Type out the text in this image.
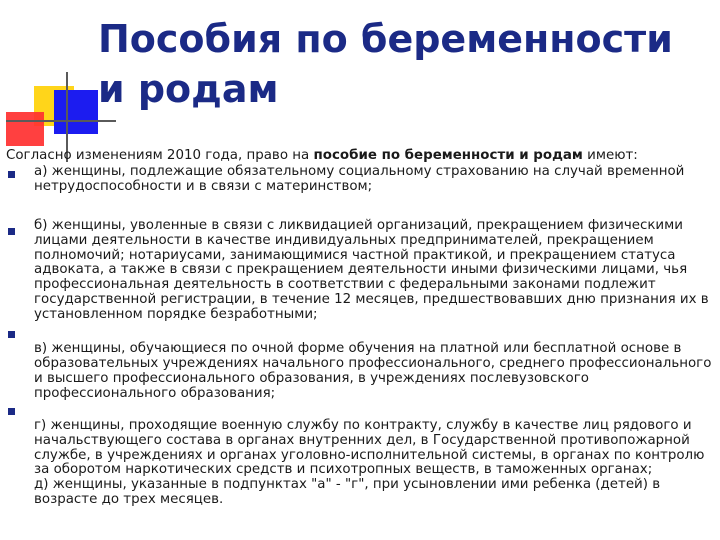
Пособия по беременности
и родам

Согласно изменениям 2010 года, право на пособие по беременности и родам имеют:

а) женщины, подлежащие обязательному социальному страхованию на случай временной нетрудоспособности и в связи с материнством;
б) женщины, уволенные в связи с ликвидацией организаций, прекращением физическими лицами деятельности в качестве индивидуальных предпринимателей, прекращением полномочий; нотариусами, занимающимися частной практикой, и прекращением статуса адвоката, а также в связи с прекращением деятельности иными физическими лицами, чья профессиональная деятельность в соответствии с федеральными законами подлежит государственной регистрации, в течение 12 месяцев, предшествовавших дню признания их в установленном порядке безработными;
в) женщины, обучающиеся по очной форме обучения на платной или бесплатной основе в образовательных учреждениях начального профессионального, среднего профессионального и высшего профессионального образования, в учреждениях послевузовского профессионального образования;
г) женщины, проходящие военную службу по контракту, службу в качестве лиц рядового и начальствующего состава в органах внутренних дел, в Государственной противопожарной службе, в учреждениях и органах уголовно-исполнительной системы, в органах по контролю за оборотом наркотических средств и психотропных веществ, в таможенных органах;
д) женщины, указанные в подпунктах "а" - "г", при усыновлении ими ребенка (детей) в возрасте до трех месяцев.
